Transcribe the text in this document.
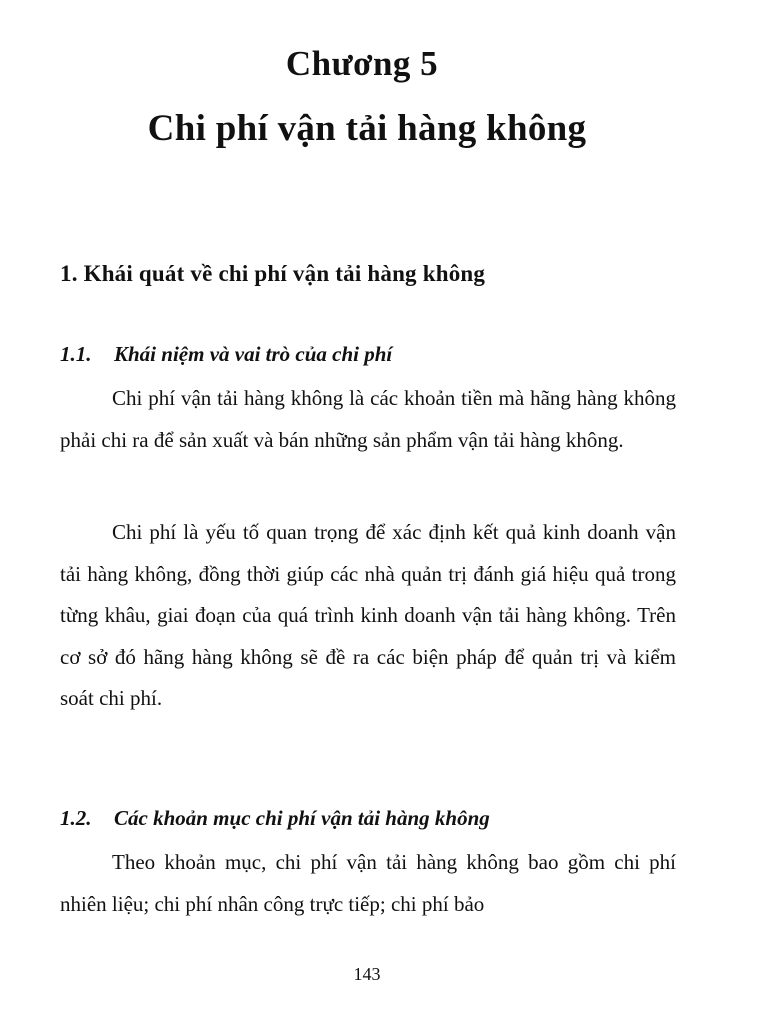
Chương 5
Chi phí vận tải hàng không
1. Khái quát về chi phí vận tải hàng không
1.1. Khái niệm và vai trò của chi phí

Chi phí vận tải hàng không là các khoản tiền mà hãng hàng không phải chi ra để sản xuất và bán những sản phẩm vận tải hàng không.

Chi phí là yếu tố quan trọng để xác định kết quả kinh doanh vận tải hàng không, đồng thời giúp các nhà quản trị đánh giá hiệu quả trong từng khâu, giai đoạn của quá trình kinh doanh vận tải hàng không. Trên cơ sở đó hãng hàng không sẽ đề ra các biện pháp để quản trị và kiểm soát chi phí.

1.2. Các khoản mục chi phí vận tải hàng không

Theo khoản mục, chi phí vận tải hàng không bao gồm chi phí nhiên liệu; chi phí nhân công trực tiếp; chi phí bảo

143
